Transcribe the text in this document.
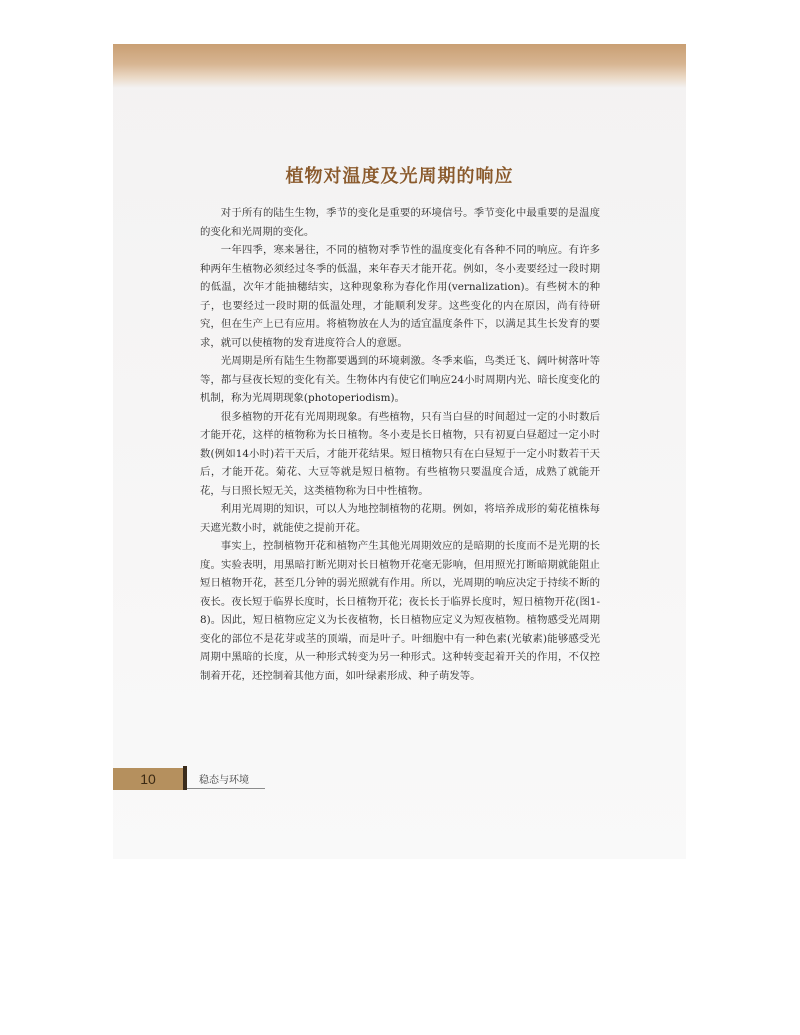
植物对温度及光周期的响应

对于所有的陆生生物，季节的变化是重要的环境信号。季节变化中最重要的是温度的变化和光周期的变化。

一年四季，寒来暑往，不同的植物对季节性的温度变化有各种不同的响应。有许多种两年生植物必须经过冬季的低温，来年春天才能开花。例如，冬小麦要经过一段时期的低温，次年才能抽穗结实，这种现象称为春化作用(vernalization)。有些树木的种子，也要经过一段时期的低温处理，才能顺利发芽。这些变化的内在原因，尚有待研究，但在生产上已有应用。将植物放在人为的适宜温度条件下，以满足其生长发育的要求，就可以使植物的发育进度符合人的意愿。

光周期是所有陆生生物都要遇到的环境刺激。冬季来临，鸟类迁飞、阔叶树落叶等等，都与昼夜长短的变化有关。生物体内有使它们响应24小时周期内光、暗长度变化的机制，称为光周期现象(photoperiodism)。

很多植物的开花有光周期现象。有些植物，只有当白昼的时间超过一定的小时数后才能开花，这样的植物称为长日植物。冬小麦是长日植物，只有初夏白昼超过一定小时数(例如14小时)若干天后，才能开花结果。短日植物只有在白昼短于一定小时数若干天后，才能开花。菊花、大豆等就是短日植物。有些植物只要温度合适，成熟了就能开花，与日照长短无关，这类植物称为日中性植物。

利用光周期的知识，可以人为地控制植物的花期。例如，将培养成形的菊花植株每天遮光数小时，就能使之提前开花。

事实上，控制植物开花和植物产生其他光周期效应的是暗期的长度而不是光期的长度。实验表明，用黑暗打断光期对长日植物开花毫无影响，但用照光打断暗期就能阻止短日植物开花，甚至几分钟的弱光照就有作用。所以，光周期的响应决定于持续不断的夜长。夜长短于临界长度时，长日植物开花；夜长长于临界长度时，短日植物开花(图1-8)。因此，短日植物应定义为长夜植物，长日植物应定义为短夜植物。植物感受光周期变化的部位不是花芽或茎的顶端，而是叶子。叶细胞中有一种色素(光敏素)能够感受光周期中黑暗的长度，从一种形式转变为另一种形式。这种转变起着开关的作用，不仅控制着开花，还控制着其他方面，如叶绿素形成、种子萌发等。

10	稳态与环境
